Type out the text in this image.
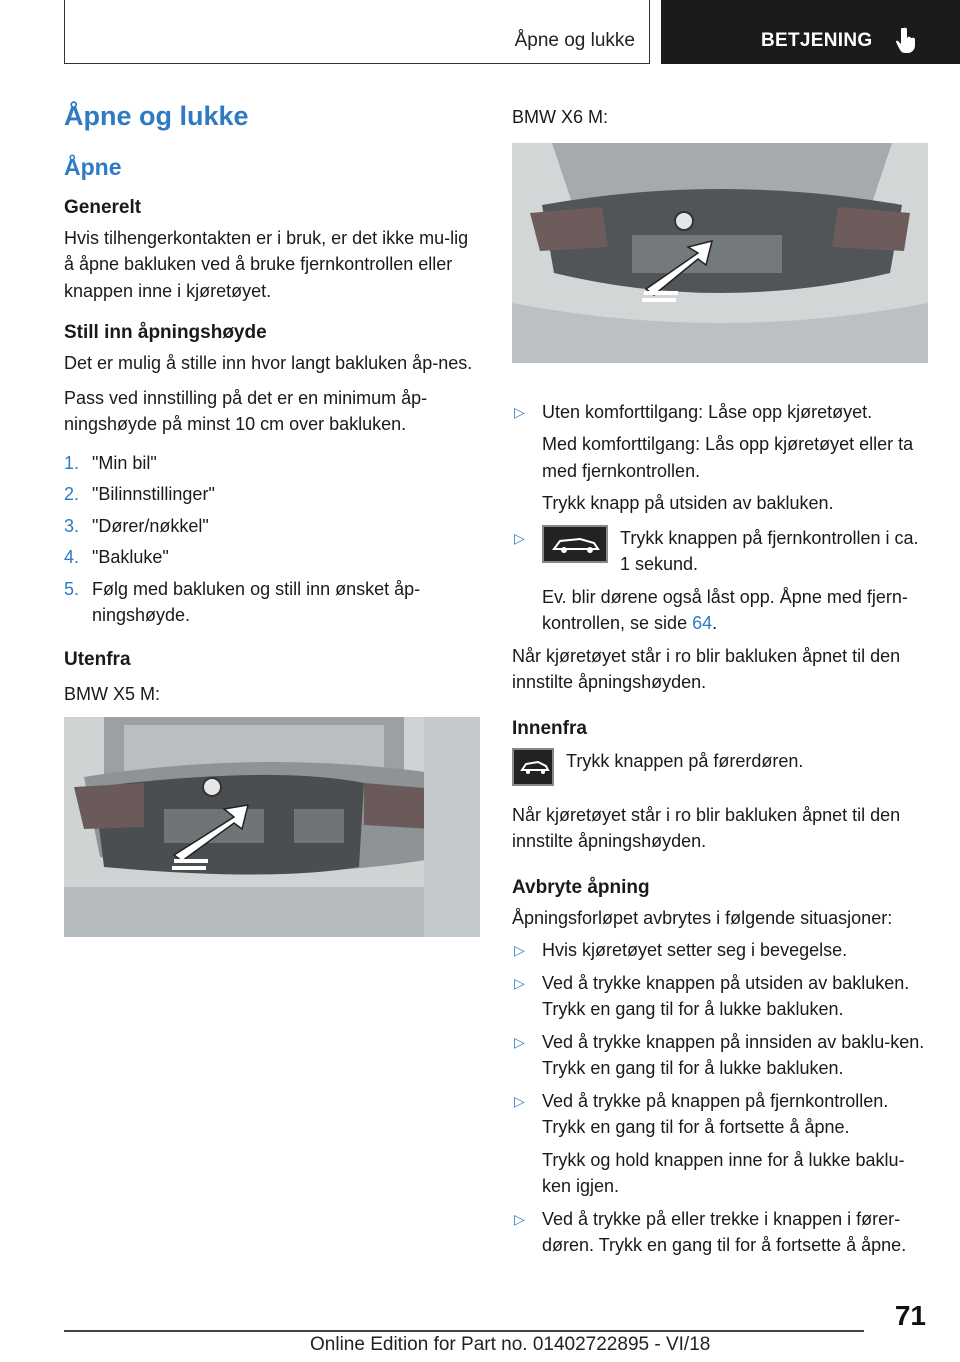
Åpne og lukke	BETJENING
Åpne og lukke
Åpne
Generelt

Hvis tilhengerkontakten er i bruk, er det ikke mu-lig å åpne bakluken ved å bruke fjernkontrollen eller knappen inne i kjøretøyet.

Still inn åpningshøyde

Det er mulig å stille inn hvor langt bakluken åp-nes.

Pass ved innstilling på det er en minimum åp-ningshøyde på minst 10 cm over bakluken.

1. "Min bil"
2. "Bilinnstillinger"
3. "Dører/nøkkel"
4. "Bakluke"
5. Følg med bakluken og still inn ønsket åp-ningshøyde.
Utenfra

BMW X5 M:

BMW X6 M:

▷ Uten komforttilgang: Låse opp kjøretøyet.

Med komforttilgang: Lås opp kjøretøyet eller ta med fjernkontrollen.

Trykk knapp på utsiden av bakluken.

▷	Trykk knappen på fjernkontrollen i ca. 1 sekund.

Ev. blir dørene også låst opp. Åpne med fjern-kontrollen, se side 64.

Når kjøretøyet står i ro blir bakluken åpnet til den innstilte åpningshøyden.

Innenfra
Trykk knappen på førerdøren.

Når kjøretøyet står i ro blir bakluken åpnet til den innstilte åpningshøyden.

Avbryte åpning

Åpningsforløpet avbrytes i følgende situasjoner:

▷ Hvis kjøretøyet setter seg i bevegelse.
▷ Ved å trykke knappen på utsiden av bakluken. Trykk en gang til for å lukke bakluken.
▷ Ved å trykke knappen på innsiden av baklu-ken. Trykk en gang til for å lukke bakluken.
▷ Ved å trykke på knappen på fjernkontrollen. Trykk en gang til for å fortsette å åpne.

Trykk og hold knappen inne for å lukke baklu-ken igjen.

▷ Ved å trykke på eller trekke i knappen i fører-døren. Trykk en gang til for å fortsette å åpne.
71
Online Edition for Part no. 01402722895 - VI/18
